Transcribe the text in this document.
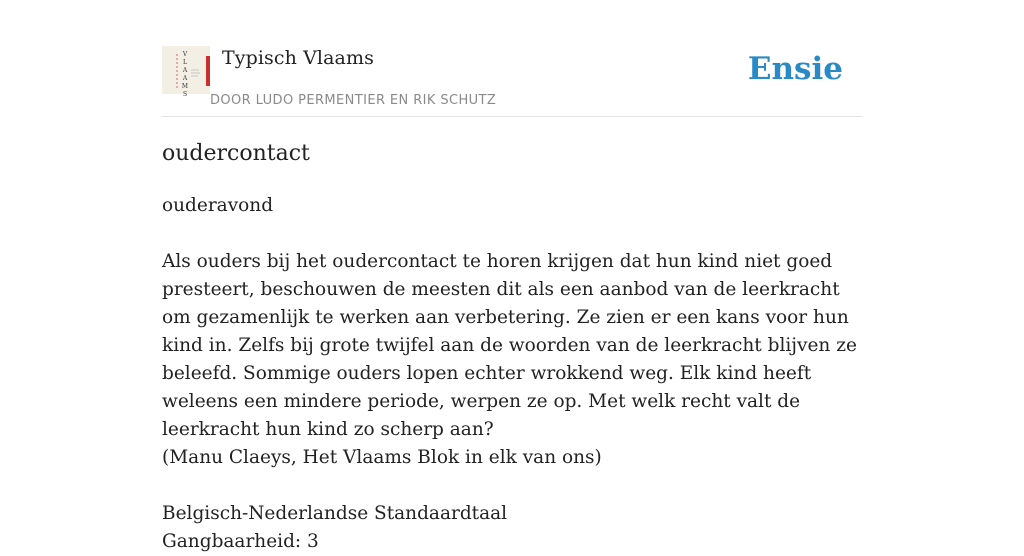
V
L
A
A
M
S
Typisch Vlaams
DOOR LUDO PERMENTIER EN RIK SCHUTZ
Ensie
oudercontact

ouderavond

Als ouders bij het oudercontact te horen krijgen dat hun kind niet goed presteert, beschouwen de meesten dit als een aanbod van de leerkracht om gezamenlijk te werken aan verbetering. Ze zien er een kans voor hun kind in. Zelfs bij grote twijfel aan de woorden van de leerkracht blijven ze beleefd. Sommige ouders lopen echter wrokkend weg. Elk kind heeft weleens een mindere periode, werpen ze op. Met welk recht valt de leerkracht hun kind zo scherp aan?

(Manu Claeys, Het Vlaams Blok in elk van ons)

Belgisch-Nederlandse Standaardtaal

Gangbaarheid: 3
